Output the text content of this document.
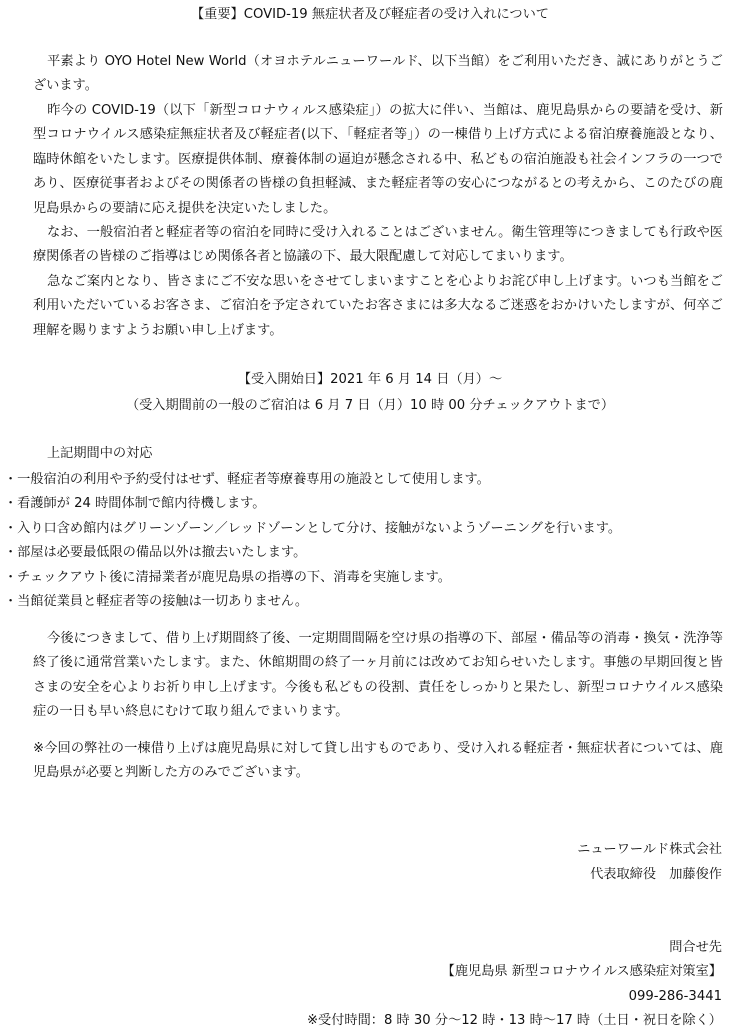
【重要】COVID-19 無症状者及び軽症者の受け入れについて
平素より OYO Hotel New World（オヨホテルニューワールド、以下当館）をご利用いただき、誠にありがとうございます。
昨今の COVID-19（以下「新型コロナウィルス感染症」）の拡大に伴い、当館は、鹿児島県からの要請を受け、新型コロナウイルス感染症無症状者及び軽症者(以下、「軽症者等」）の一棟借り上げ方式による宿泊療養施設となり、臨時休館をいたします。医療提供体制、療養体制の逼迫が懸念される中、私どもの宿泊施設も社会インフラの一つであり、医療従事者およびその関係者の皆様の負担軽減、また軽症者等の安心につながるとの考えから、このたびの鹿児島県からの要請に応え提供を決定いたしました。
なお、一般宿泊者と軽症者等の宿泊を同時に受け入れることはございません。衛生管理等につきましても行政や医療関係者の皆様のご指導はじめ関係各者と協議の下、最大限配慮して対応してまいります。
急なご案内となり、皆さまにご不安な思いをさせてしまいますことを心よりお詫び申し上げます。いつも当館をご利用いただいているお客さま、ご宿泊を予定されていたお客さまには多大なるご迷惑をおかけいたしますが、何卒ご理解を賜りますようお願い申し上げます。
【受入開始日】2021 年 6 月 14 日（月）～
（受入期間前の一般のご宿泊は 6 月 7 日（月）10 時 00 分チェックアウトまで）
上記期間中の対応
・一般宿泊の利用や予約受付はせず、軽症者等療養専用の施設として使用します。
・看護師が 24 時間体制で館内待機します。
・入り口含め館内はグリーンゾーン／レッドゾーンとして分け、接触がないようゾーニングを行います。
・部屋は必要最低限の備品以外は撤去いたします。
・チェックアウト後に清掃業者が鹿児島県の指導の下、消毒を実施します。
・当館従業員と軽症者等の接触は一切ありません。
今後につきまして、借り上げ期間終了後、一定期間間隔を空け県の指導の下、部屋・備品等の消毒・換気・洗浄等終了後に通常営業いたします。また、休館期間の終了一ヶ月前には改めてお知らせいたします。事態の早期回復と皆さまの安全を心よりお祈り申し上げます。今後も私どもの役割、責任をしっかりと果たし、新型コロナウイルス感染症の一日も早い終息にむけて取り組んでまいります。
※今回の弊社の一棟借り上げは鹿児島県に対して貸し出すものであり、受け入れる軽症者・無症状者については、鹿児島県が必要と判断した方のみでございます。
ニューワールド株式会社
代表取締役　加藤俊作
問合せ先
【鹿児島県 新型コロナウイルス感染症対策室】
099-286-3441
※受付時間：8 時 30 分～12 時・13 時～17 時（土日・祝日を除く）
